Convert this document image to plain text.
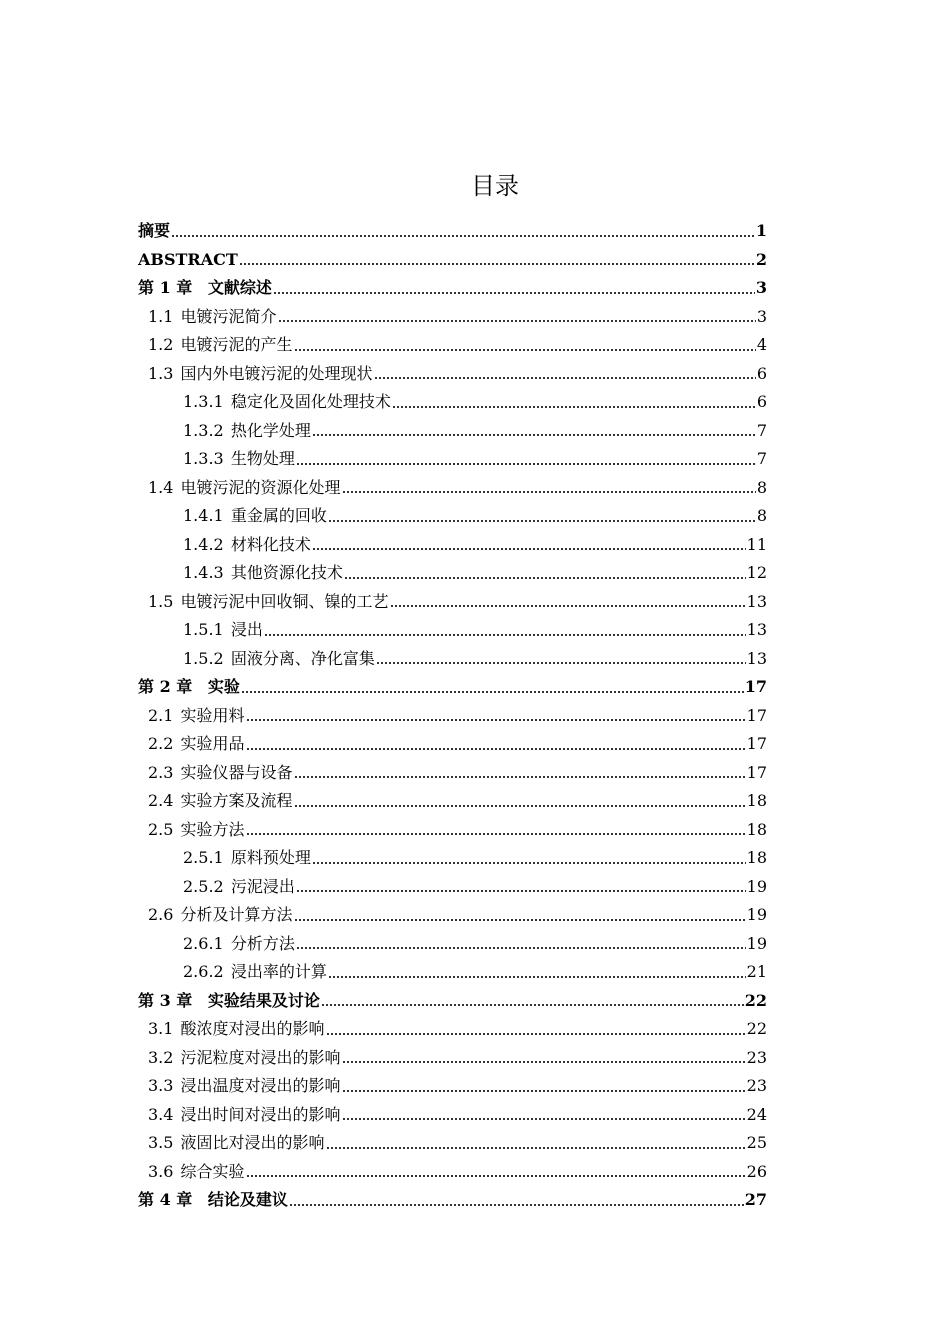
目录
摘要	1
ABSTRACT	2
第 1 章 文献综述	3
1.1 电镀污泥简介	3
1.2 电镀污泥的产生	4
1.3 国内外电镀污泥的处理现状	6
1.3.1 稳定化及固化处理技术	6
1.3.2 热化学处理	7
1.3.3 生物处理	7
1.4 电镀污泥的资源化处理	8
1.4.1 重金属的回收	8
1.4.2 材料化技术	11
1.4.3 其他资源化技术	12
1.5 电镀污泥中回收铜、镍的工艺	13
1.5.1 浸出	13
1.5.2 固液分离、净化富集	13
第 2 章 实验	17
2.1 实验用料	17
2.2 实验用品	17
2.3 实验仪器与设备	17
2.4 实验方案及流程	18
2.5 实验方法	18
2.5.1 原料预处理	18
2.5.2 污泥浸出	19
2.6 分析及计算方法	19
2.6.1 分析方法	19
2.6.2 浸出率的计算	21
第 3 章 实验结果及讨论	22
3.1 酸浓度对浸出的影响	22
3.2 污泥粒度对浸出的影响	23
3.3 浸出温度对浸出的影响	23
3.4 浸出时间对浸出的影响	24
3.5 液固比对浸出的影响	25
3.6 综合实验	26
第 4 章 结论及建议	27
